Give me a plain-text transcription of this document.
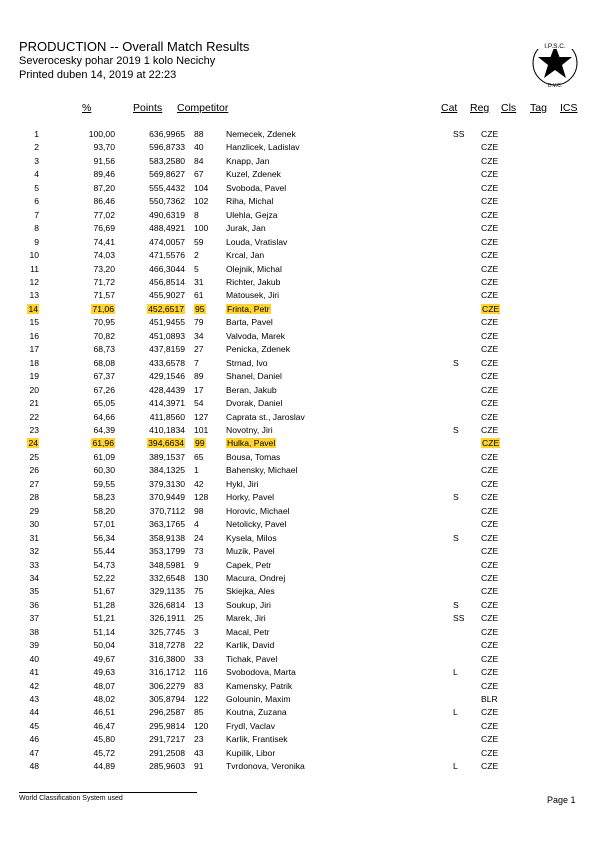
PRODUCTION -- Overall Match Results
Severocesky pohar 2019 1 kolo Necichy
Printed duben 14, 2019 at 22:23
I.P.S.C.
D.V.C.
%	Points Competitor	Cat Reg Cls Tag ICS
1	100,00	636,9965	88	Nemecek, Zdenek	SS	CZE
2	93,70	596,8733	40	Hanzlicek, Ladislav		CZE
3	91,56	583,2580	84	Knapp, Jan		CZE
4	89,46	569,8627	67	Kuzel, Zdenek		CZE
5	87,20	555,4432	104	Svoboda, Pavel		CZE
6	86,46	550,7362	102	Riha, Michal		CZE
7	77,02	490,6319	8	Ulehla, Gejza		CZE
8	76,69	488,4921	100	Jurak, Jan		CZE
9	74,41	474,0057	59	Louda, Vratislav		CZE
10	74,03	471,5576	2	Krcal, Jan		CZE
11	73,20	466,3044	5	Olejnik, Michal		CZE
12	71,72	456,8514	31	Richter, Jakub		CZE
13	71,57	455,9027	61	Matousek, Jiri		CZE
14	71,06	452,6517	95	Frinta, Petr		CZE
15	70,95	451,9455	79	Barta, Pavel		CZE
16	70,82	451,0893	34	Valvoda, Marek		CZE
17	68,73	437,8159	27	Penicka, Zdenek		CZE
18	68,08	433,6578	7	Strnad, Ivo	S	CZE
19	67,37	429,1546	89	Shanel, Daniel		CZE
20	67,26	428,4439	17	Beran, Jakub		CZE
21	65,05	414,3971	54	Dvorak, Daniel		CZE
22	64,66	411,8560	127	Caprata st., Jaroslav		CZE
23	64,39	410,1834	101	Novotny, Jiri	S	CZE
24	61,96	394,6634	99	Hulka, Pavel		CZE
25	61,09	389,1537	65	Bousa, Tomas		CZE
26	60,30	384,1325	1	Bahensky, Michael		CZE
27	59,55	379,3130	42	Hykl, Jiri		CZE
28	58,23	370,9449	128	Horky, Pavel	S	CZE
29	58,20	370,7112	98	Horovic, Michael		CZE
30	57,01	363,1765	4	Netolicky, Pavel		CZE
31	56,34	358,9138	24	Kysela, Milos	S	CZE
32	55,44	353,1799	73	Muzik, Pavel		CZE
33	54,73	348,5981	9	Capek, Petr		CZE
34	52,22	332,6548	130	Macura, Ondrej		CZE
35	51,67	329,1135	75	Skiejka, Ales		CZE
36	51,28	326,6814	13	Soukup, Jiri	S	CZE
37	51,21	326,1911	25	Marek, Jiri	SS	CZE
38	51,14	325,7745	3	Macal, Petr		CZE
39	50,04	318,7278	22	Karlik, David		CZE
40	49,67	316,3800	33	Tichak, Pavel		CZE
41	49,63	316,1712	116	Svobodova, Marta	L	CZE
42	48,07	306,2279	83	Kamensky, Patrik		CZE
43	48,02	305,8794	122	Golounin, Maxim		BLR
44	46,51	296,2587	85	Koutna, Zuzana	L	CZE
45	46,47	295,9814	120	Frydl, Vaclav		CZE
46	45,80	291,7217	23	Karlik, Frantisek		CZE
47	45,72	291,2508	43	Kupilik, Libor		CZE
48	44,89	285,9603	91	Tvrdonova, Veronika	L	CZE
World Classification System used	Page 1
